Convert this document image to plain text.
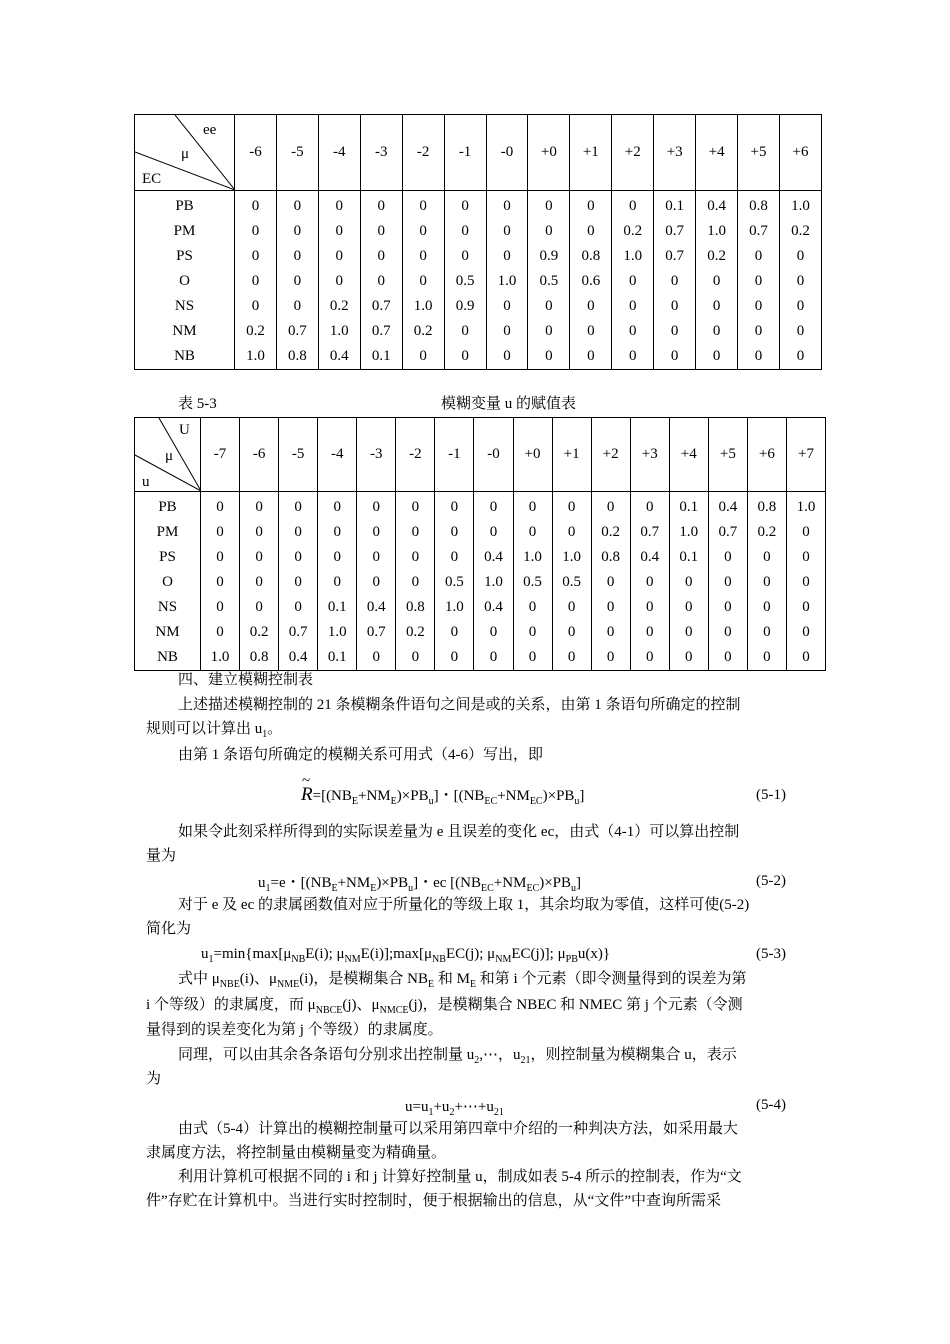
ee
μ
EC	-6	-5	-4	-3	-2	-1	-0	+0	+1	+2	+3	+4	+5	+6
PB	0	0	0	0	0	0	0	0	0	0	0.1	0.4	0.8	1.0
PM	0	0	0	0	0	0	0	0	0	0.2	0.7	1.0	0.7	0.2
PS	0	0	0	0	0	0	0	0.9	0.8	1.0	0.7	0.2	0	0
O	0	0	0	0	0	0.5	1.0	0.5	0.6	0	0	0	0	0
NS	0	0	0.2	0.7	1.0	0.9	0	0	0	0	0	0	0	0
NM	0.2	0.7	1.0	0.7	0.2	0	0	0	0	0	0	0	0	0
NB	1.0	0.8	0.4	0.1	0	0	0	0	0	0	0	0	0	0
表 5-3	模糊变量 u 的赋值表
U
μ
u	-7	-6	-5	-4	-3	-2	-1	-0	+0	+1	+2	+3	+4	+5	+6	+7
PB	0	0	0	0	0	0	0	0	0	0	0	0	0.1	0.4	0.8	1.0
PM	0	0	0	0	0	0	0	0	0	0	0.2	0.7	1.0	0.7	0.2	0
PS	0	0	0	0	0	0	0	0.4	1.0	1.0	0.8	0.4	0.1	0	0	0
O	0	0	0	0	0	0	0.5	1.0	0.5	0.5	0	0	0	0	0	0
NS	0	0	0	0.1	0.4	0.8	1.0	0.4	0	0	0	0	0	0	0	0
NM	0	0.2	0.7	1.0	0.7	0.2	0	0	0	0	0	0	0	0	0	0
NB	1.0	0.8	0.4	0.1	0	0	0	0	0	0	0	0	0	0	0	0
四、建立模糊控制表
上述描述模糊控制的 21 条模糊条件语句之间是或的关系，由第 1 条语句所确定的控制
规则可以计算出 $u_1$。
由第 1 条语句所确定的模糊关系可用式（4-6）写出，即
~ $R=[(NB_E+NM_E)\times PB_u]$・$[(NB_{EC}+NM_{EC})\times PB_u]$	(5-1)
如果令此刻采样所得到的实际误差量为 e 且误差的变化 ec，由式（4-1）可以算出控制
量为
$u_1=e$・$[(NB_E+NM_E)\times PB_u]$・ec $[(NB_{EC}+NM_{EC})\times PB_u]$	(5-2)
对于 e 及 ec 的隶属函数值对应于所量化的等级上取 1，其余均取为零值，这样可使(5-2)
简化为
$u_1=\min\{\max[\mu_{NB}E(i)$; $\mu_{NM}E(i)];\max[\mu_{NB}EC(j)$; $\mu_{NM}EC(j)$]; $\mu_{PB}u(x)$}	(5-3)
式中 $\mu_{NBE}(i)$、$\mu_{NME}(i)$，是模糊集合 $NB_E$ 和 $M_E$ 和第 i 个元素（即令测量得到的误差为第
i 个等级）的隶属度，而 $\mu_{NBCE}(j)$、$\mu_{NMCE}(j)$，是模糊集合 NBEC 和 NMEC 第 j 个元素（令测
量得到的误差变化为第 j 个等级）的隶属度。
同理，可以由其余各条语句分别求出控制量 $u_2,\cdots$，$u_{21}$，则控制量为模糊集合 u，表示
为
$u=u_1+u_2+\cdots+u_{21}$	(5-4)
由式（5-4）计算出的模糊控制量可以采用第四章中介绍的一种判决方法，如采用最大
隶属度方法，将控制量由模糊量变为精确量。
利用计算机可根据不同的 i 和 j 计算好控制量 u，制成如表 5-4 所示的控制表，作为“文
件”存贮在计算机中。当进行实时控制时，便于根据输出的信息，从“文件”中查询所需采
